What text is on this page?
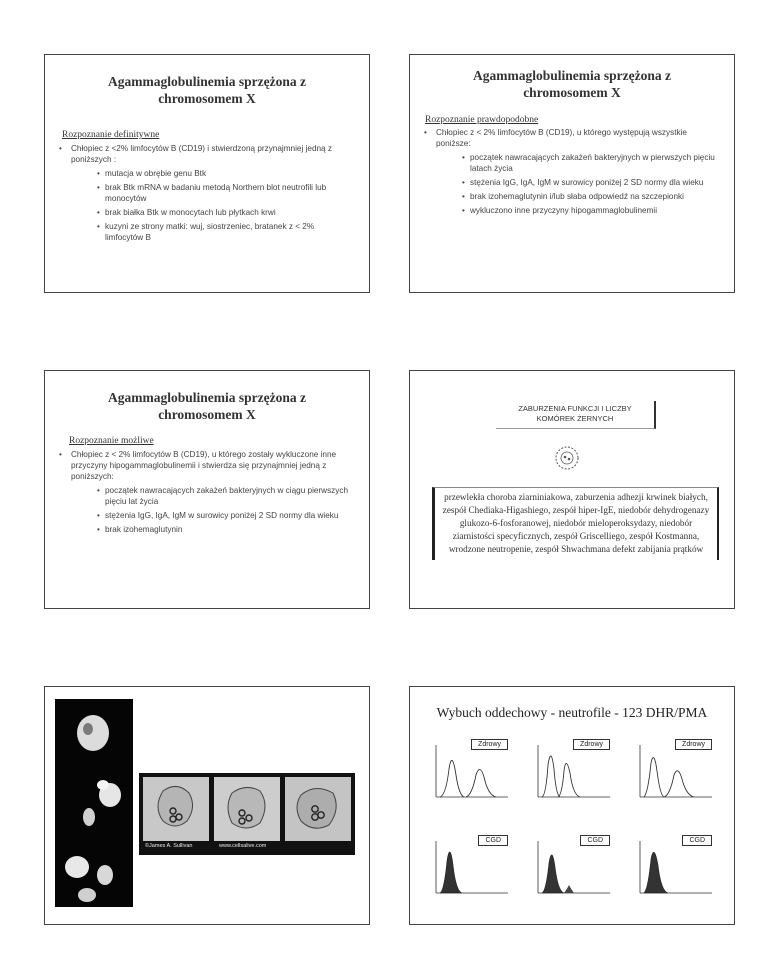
Agammaglobulinemia sprzężona z
chromosomem X
Rozpoznanie definitywne
• Chłopiec z <2% limfocytów B (CD19) i stwierdzoną przynajmniej jedną z poniższych :
• mutacja w obrębie genu Btk
• brak Btk mRNA w badaniu metodą Northern blot neutrofili lub monocytów
• brak białka Btk w monocytach lub płytkach krwi
• kuzyni ze strony matki: wuj, siostrzeniec, bratanek z < 2% limfocytów B
Agammaglobulinemia sprzężona z
chromosomem X
Rozpoznanie prawdopodobne
• Chłopiec z < 2% limfocytów B (CD19), u którego występują wszystkie poniższe:
• początek nawracających zakażeń bakteryjnych w pierwszych pięciu latach życia
• stężenia IgG, IgA, IgM w surowicy poniżej 2 SD normy dla wieku
• brak izohemaglutynin i/lub słaba odpowiedź na szczepionki
• wykluczono inne przyczyny hipogammaglobulinemii
Agammaglobulinemia sprzężona z
chromosomem X
Rozpoznanie możliwe
• Chłopiec z < 2% limfocytów B (CD19), u którego zostały wykluczone inne przyczyny hipogammaglobulinemii i stwierdza się przynajmniej jedną z poniższych:
• początek nawracających zakażeń bakteryjnych w ciągu pierwszych pięciu lat życia
• stężenia IgG, IgA, IgM w surowicy poniżej 2 SD normy dla wieku
• brak izohemaglutynin
ZABURZENIA FUNKCJI I LICZBY
KOMÓREK ŻERNYCH
przewlekła choroba ziarniniakowa, zaburzenia adhezji krwinek białych, zespół Chediaka-Higashiego, zespół hiper-IgE, niedobór dehydrogenazy glukozo-6-fosforanowej, niedobór mieloperoksydazy, niedobór ziarnistości specyficznych, zespół Griscelliego, zespół Kostmanna, wrodzone neutropenie, zespół Shwachmana defekt zabijania prątków
©James A. Sullivan	www.cellsalive.com
Wybuch oddechowy - neutrofile - 123 DHR/PMA
Zdrowy	Zdrowy	Zdrowy
CGD	CGD	CGD
